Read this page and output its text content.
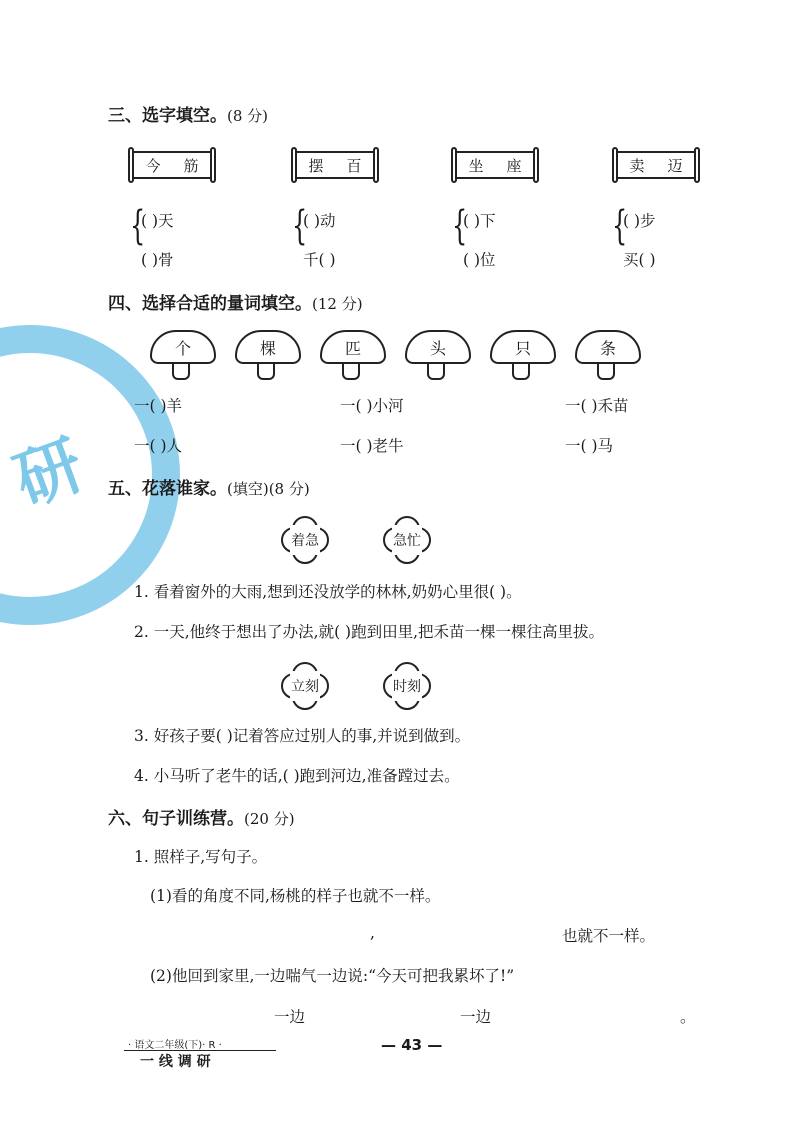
研
三、选字填空。(8 分)
今 筋	摆 百	坐 座	卖 迈
{
( )天
( )骨
{
( )动
千( )
{
( )下
( )位
{
( )步
买( )
四、选择合适的量词填空。(12 分)
个	棵	匹	头	只	条
一( )羊	一( )小河	一( )禾苗
一( )人	一( )老牛	一( )马
五、花落谁家。(填空)(8 分)
着急	急忙
1. 看着窗外的大雨,想到还没放学的林林,奶奶心里很( )。
2. 一天,他终于想出了办法,就( )跑到田里,把禾苗一棵一棵往高里拔。
立刻	时刻
3. 好孩子要( )记着答应过别人的事,并说到做到。
4. 小马听了老牛的话,( )跑到河边,准备蹚过去。
六、句子训练营。(20 分)
1. 照样子,写句子。
(1)看的角度不同,杨桃的样子也就不一样。
,	也就不一样。
(2)他回到家里,一边喘气一边说:“今天可把我累坏了!”
一边	一边	。
· 语文二年级(下)· R ·
一 线 调 研
— 43 —
